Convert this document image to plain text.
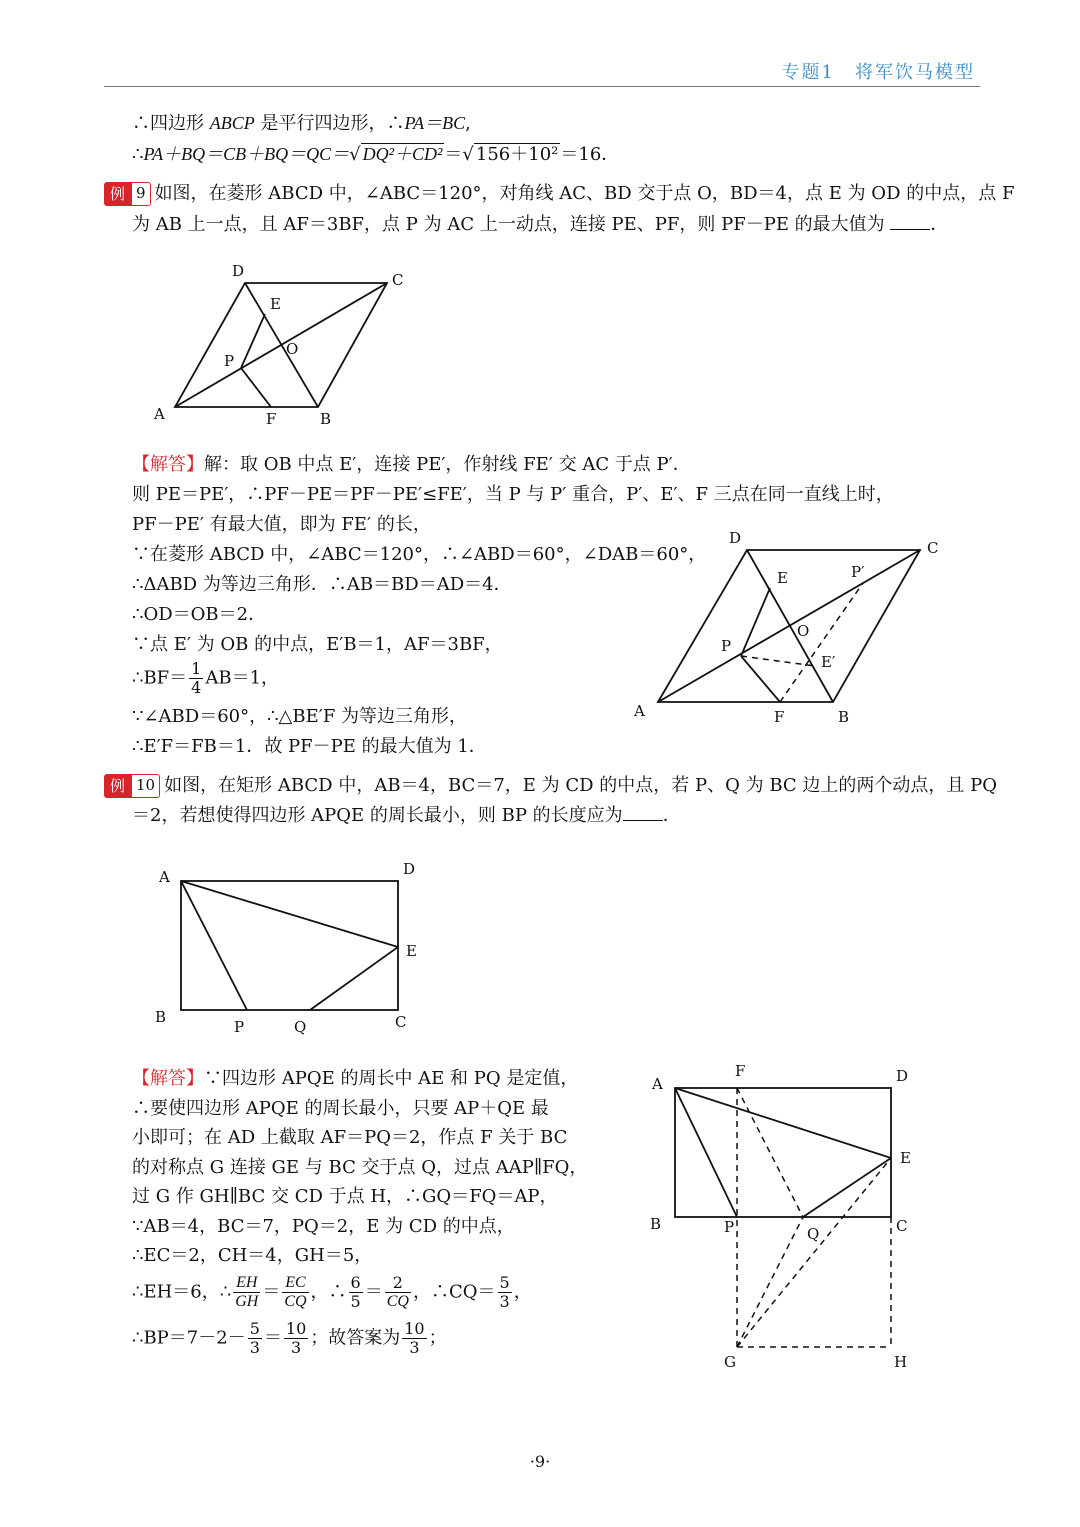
专题1　将军饮马模型
∴四边形 ABCP 是平行四边形，∴PA＝BC,
∴PA＋BQ＝CB＋BQ＝QC＝√ DQ²＋CD² ＝√ 156＋10² ＝16．
例 9 如图，在菱形 ABCD 中，∠ABC＝120°，对角线 AC、BD 交于点 O，BD＝4，点 E 为 OD 的中点，点 F
为 AB 上一点，且 AF＝3BF，点 P 为 AC 上一动点，连接 PE、PF，则 PF－PE 的最大值为	．
D	C
E
P
O
A	F	B
【解答】解：取 OB 中点 E′，连接 PE′，作射线 FE′ 交 AC 于点 P′．
则 PE＝PE′，∴PF－PE＝PF－PE′≤FE′，当 P 与 P′ 重合，P′、E′、F 三点在同一直线上时，
PF－PE′ 有最大值，即为 FE′ 的长，
∵在菱形 ABCD 中，∠ABC＝120°，∴∠ABD＝60°，∠DAB＝60°，
∴ΔABD 为等边三角形．∴AB＝BD＝AD＝4．
∴OD＝OB＝2．
∵点 E′ 为 OB 的中点，E′B＝1，AF＝3BF，
∴BF＝ $\frac{1}{4} AB=1$，
∵∠ABD＝60°，∴△BE′F 为等边三角形，
∴E′F＝FB＝1．故 PF－PE 的最大值为 1．
D
C
E	P′
O
P
E′
A	F	B
例 10 如图，在矩形 ABCD 中，AB＝4，BC＝7，E 为 CD 的中点，若 P、Q 为 BC 边上的两个动点，且 PQ
＝2，若想使得四边形 APQE 的周长最小，则 BP 的长度应为 ．
A	D
E
B
P	Q	C
【解答】∵四边形 APQE 的周长中 AE 和 PQ 是定值，
∴要使四边形 APQE 的周长最小，只要 AP＋QE 最
小即可；在 AD 上截取 AF＝PQ＝2，作点 F 关于 BC
的对称点 G 连接 GE 与 BC 交于点 Q，过点 AAP∥FQ，
过 G 作 GH∥BC 交 CD 于点 H，∴GQ＝FQ＝AP，
∵AB＝4，BC＝7，PQ＝2，E 为 CD 的中点，
∴EC＝2，CH＝4，GH＝5，
∴EH＝6，∴ $\frac{EH}{GH} = \frac{EC}{CQ}$ ，∴ $\frac{6}{5} = \frac{2}{CQ}$ ，∴CQ＝ $\frac{5}{3}$ ，
∴BP＝7－2－ $\frac{5}{3} = \frac{10}{3}$ ；故答案为 $\frac{10}{3}$ ；
F	D
A
E
B	P	Q	C
G	H
·9·
